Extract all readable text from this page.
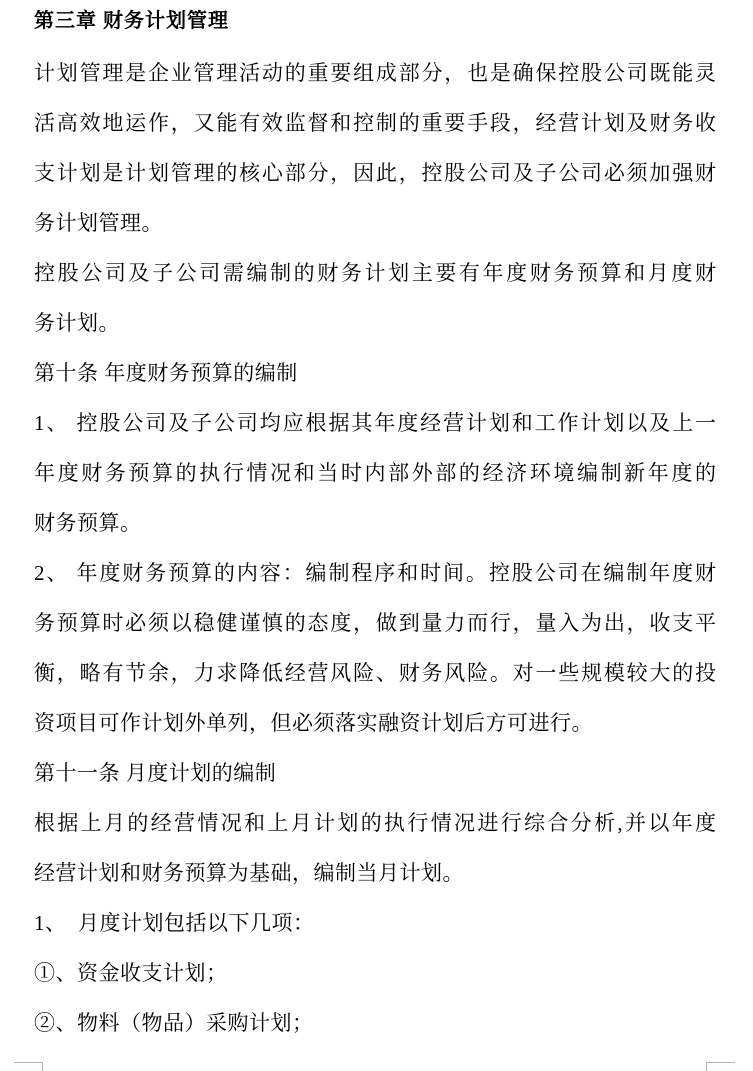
第三章 财务计划管理
计划管理是企业管理活动的重要组成部分，也是确保控股公司既能灵
活高效地运作，又能有效监督和控制的重要手段，经营计划及财务收
支计划是计划管理的核心部分，因此，控股公司及子公司必须加强财
务计划管理。
控股公司及子公司需编制的财务计划主要有年度财务预算和月度财
务计划。
第十条 年度财务预算的编制
1、 控股公司及子公司均应根据其年度经营计划和工作计划以及上一
年度财务预算的执行情况和当时内部外部的经济环境编制新年度的
财务预算。
2、 年度财务预算的内容：编制程序和时间。控股公司在编制年度财
务预算时必须以稳健谨慎的态度，做到量力而行，量入为出，收支平
衡，略有节余，力求降低经营风险、财务风险。对一些规模较大的投
资项目可作计划外单列，但必须落实融资计划后方可进行。
第十一条 月度计划的编制
根据上月的经营情况和上月计划的执行情况进行综合分析,并以年度
经营计划和财务预算为基础，编制当月计划。
1、  月度计划包括以下几项：
①、资金收支计划；
②、物料（物品）采购计划；
